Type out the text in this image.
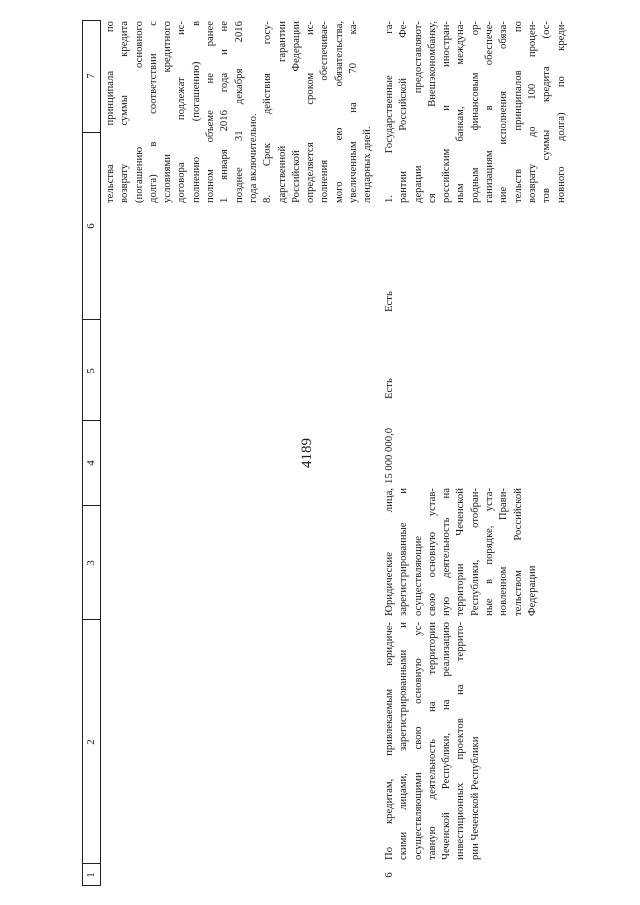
4189
1
2
3
4
5
6
7 тельства принципала по возврату суммы кредита (погашению основного долга) в соответствии с условиями кредитного договора подлежат ис- полнению (погашению) в полном объеме не ранее 1 января 2016 года и не позднее 31 декабря 2016 года включительно. 8. Срок действия госу- дарственной гарантии Российской Федерации определяется сроком ис- полнения обеспечивае- мого ею обязательства, увеличенным на 70 ка- лендарных дней.
6
По кредитам, привлекаемым юридиче- скими лицами, зарегистрированными и осуществляющими свою основную ус- тавную деятельность на территории Чеченской Республики, на реализацию инвестиционных проектов на террито- рии Чеченской Республики
Юридические лица, зарегистрированные и осуществляющие свою основную устав- ную деятельность на территории Чеченской Республики, отобран- ные в порядке, уста- новленном Прави- тельством Российской Федерации
15 000 000,0
Есть
Есть
1. Государственные га- рантии Российской Фе- дерации предоставляют- ся Внешэкономбанку, российским и иностран- ным банкам, междуна- родным финансовым ор- ганизациям в обеспече- ние исполнения обяза- тельств принципалов по возврату до 100 процен- тов суммы кредита (ос- новного долга) по креди-
